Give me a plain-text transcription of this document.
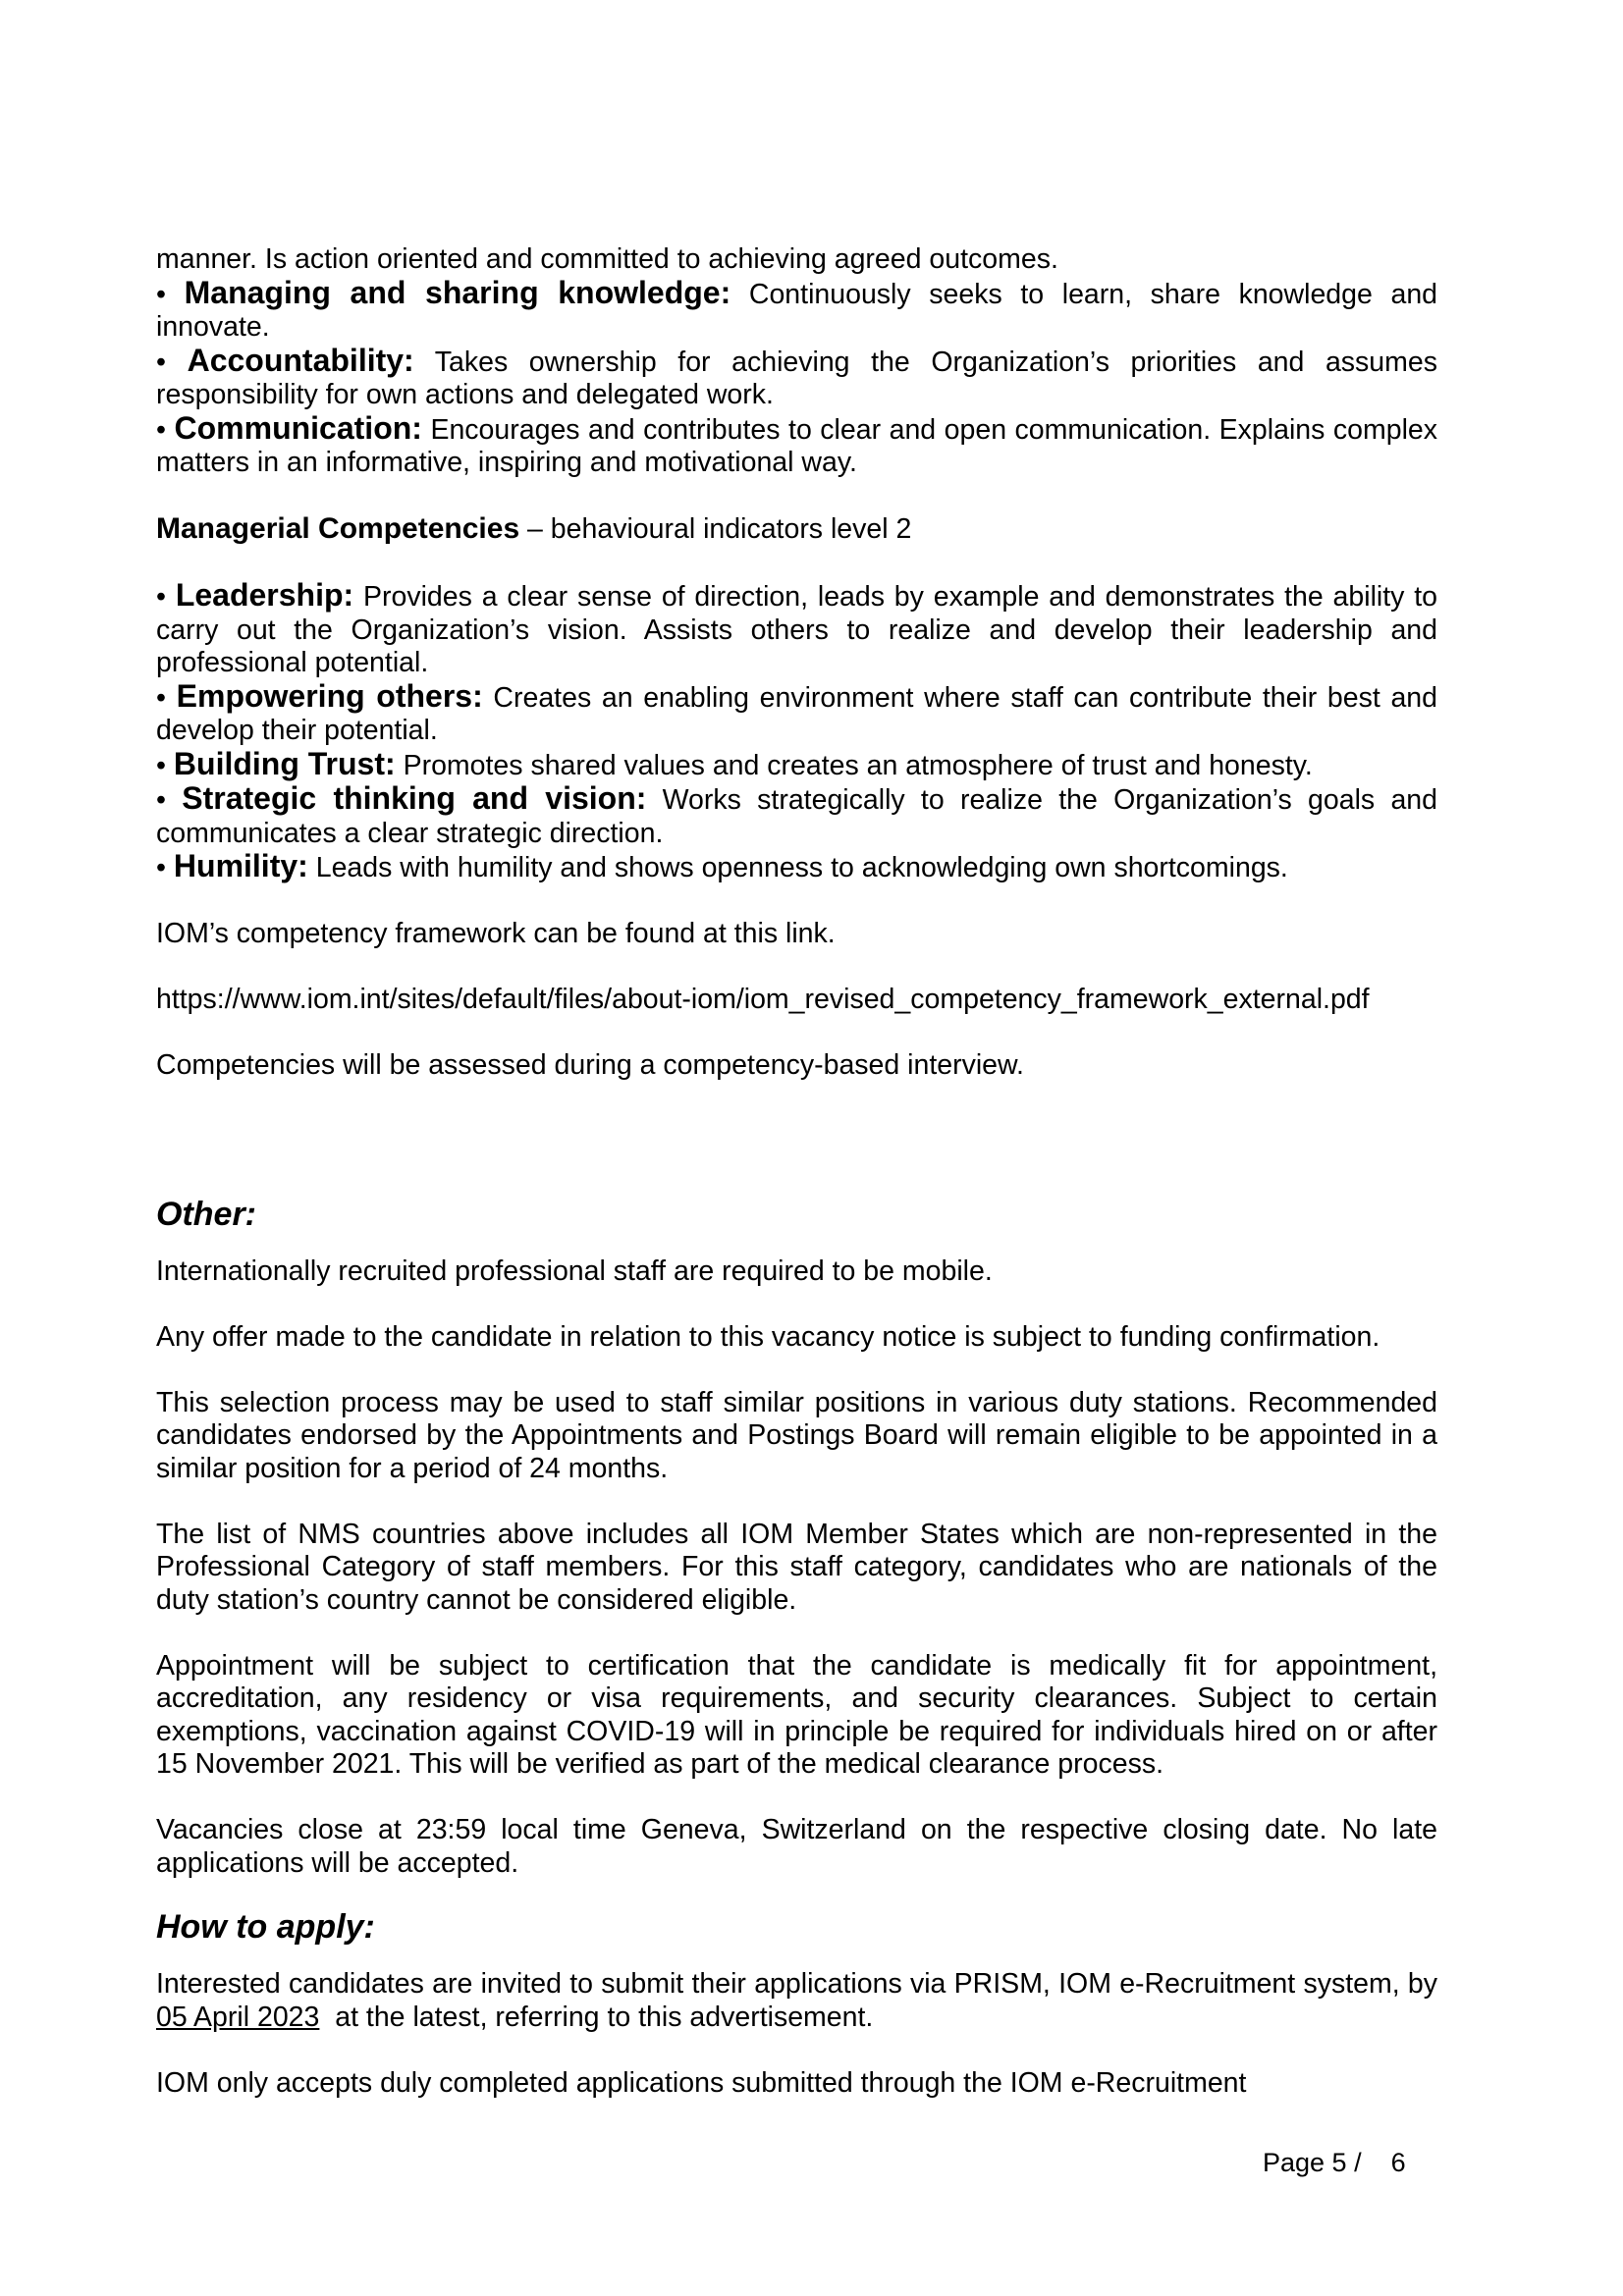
manner. Is action oriented and committed to achieving agreed outcomes.

• Managing and sharing knowledge: Continuously seeks to learn, share knowledge and innovate.

• Accountability: Takes ownership for achieving the Organization’s priorities and assumes responsibility for own actions and delegated work.

• Communication: Encourages and contributes to clear and open communication. Explains complex matters in an informative, inspiring and motivational way.

Managerial Competencies – behavioural indicators level 2

• Leadership: Provides a clear sense of direction, leads by example and demonstrates the ability to carry out the Organization’s vision. Assists others to realize and develop their leadership and professional potential.

• Empowering others: Creates an enabling environment where staff can contribute their best and develop their potential.

• Building Trust: Promotes shared values and creates an atmosphere of trust and honesty.

• Strategic thinking and vision: Works strategically to realize the Organization’s goals and communicates a clear strategic direction.

• Humility: Leads with humility and shows openness to acknowledging own shortcomings.

IOM’s competency framework can be found at this link.

https://www.iom.int/sites/default/files/about-iom/iom_revised_competency_framework_external.pdf

Competencies will be assessed during a competency-based interview.

Other:

Internationally recruited professional staff are required to be mobile.

Any offer made to the candidate in relation to this vacancy notice is subject to funding confirmation.

This selection process may be used to staff similar positions in various duty stations. Recommended candidates endorsed by the Appointments and Postings Board will remain eligible to be appointed in a similar position for a period of 24 months.

The list of NMS countries above includes all IOM Member States which are non-represented in the Professional Category of staff members. For this staff category, candidates who are nationals of the duty station’s country cannot be considered eligible.

Appointment will be subject to certification that the candidate is medically fit for appointment, accreditation, any residency or visa requirements, and security clearances. Subject to certain exemptions, vaccination against COVID-19 will in principle be required for individuals hired on or after 15 November 2021. This will be verified as part of the medical clearance process.

Vacancies close at 23:59 local time Geneva, Switzerland on the respective closing date. No late applications will be accepted.

How to apply:

Interested candidates are invited to submit their applications via PRISM, IOM e-Recruitment system, by 05 April 2023  at the latest, referring to this advertisement.

IOM only accepts duly completed applications submitted through the IOM e-Recruitment

Page 5 / 6
